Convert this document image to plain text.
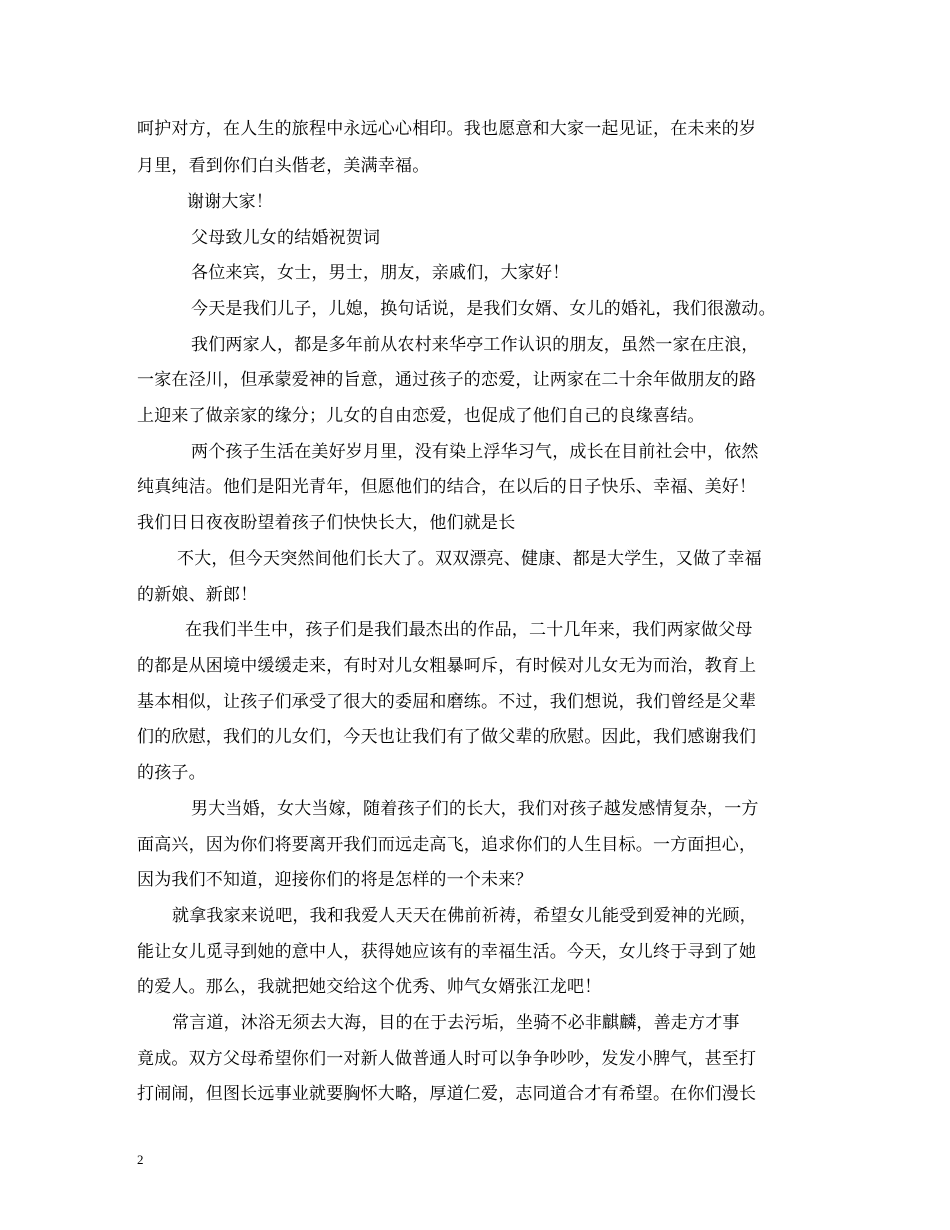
呵护对方，在人生的旅程中永远心心相印。我也愿意和大家一起见证，在未来的岁
月里，看到你们白头偕老，美满幸福。
谢谢大家！
父母致儿女的结婚祝贺词
各位来宾，女士，男士，朋友，亲戚们，大家好！
今天是我们儿子，儿媳，换句话说，是我们女婿、女儿的婚礼，我们很激动。
我们两家人，都是多年前从农村来华亭工作认识的朋友，虽然一家在庄浪，
一家在泾川，但承蒙爱神的旨意，通过孩子的恋爱，让两家在二十余年做朋友的路
上迎来了做亲家的缘分；儿女的自由恋爱，也促成了他们自己的良缘喜结。
两个孩子生活在美好岁月里，没有染上浮华习气，成长在目前社会中，依然
纯真纯洁。他们是阳光青年，但愿他们的结合，在以后的日子快乐、幸福、美好！
我们日日夜夜盼望着孩子们快快长大，他们就是长
不大，但今天突然间他们长大了。双双漂亮、健康、都是大学生，又做了幸福
的新娘、新郎！
在我们半生中，孩子们是我们最杰出的作品，二十几年来，我们两家做父母
的都是从困境中缓缓走来，有时对儿女粗暴呵斥，有时候对儿女无为而治，教育上
基本相似，让孩子们承受了很大的委屈和磨练。不过，我们想说，我们曾经是父辈
们的欣慰，我们的儿女们，今天也让我们有了做父辈的欣慰。因此，我们感谢我们
的孩子。
男大当婚，女大当嫁，随着孩子们的长大，我们对孩子越发感情复杂，一方
面高兴，因为你们将要离开我们而远走高飞，追求你们的人生目标。一方面担心，
因为我们不知道，迎接你们的将是怎样的一个未来？
就拿我家来说吧，我和我爱人天天在佛前祈祷，希望女儿能受到爱神的光顾，
能让女儿觅寻到她的意中人，获得她应该有的幸福生活。今天，女儿终于寻到了她
的爱人。那么，我就把她交给这个优秀、帅气女婿张江龙吧！
常言道，沐浴无须去大海，目的在于去污垢，坐骑不必非麒麟，善走方才事
竟成。双方父母希望你们一对新人做普通人时可以争争吵吵，发发小脾气，甚至打
打闹闹，但图长远事业就要胸怀大略，厚道仁爱，志同道合才有希望。在你们漫长
2
